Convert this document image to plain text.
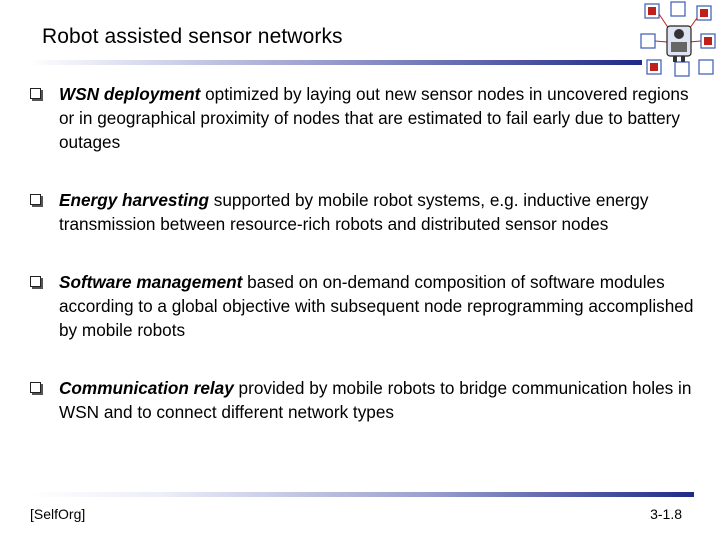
Robot assisted sensor networks
WSN deployment optimized by laying out new sensor nodes in uncovered regions or in geographical proximity of nodes that are estimated to fail early due to battery outages
Energy harvesting supported by mobile robot systems, e.g. inductive energy transmission between resource-rich robots and distributed sensor nodes
Software management based on on-demand composition of software modules according to a global objective with subsequent node reprogramming accomplished by mobile robots
Communication relay provided by mobile robots to bridge communication holes in WSN and to connect different network types
[SelfOrg]	3-1.8
